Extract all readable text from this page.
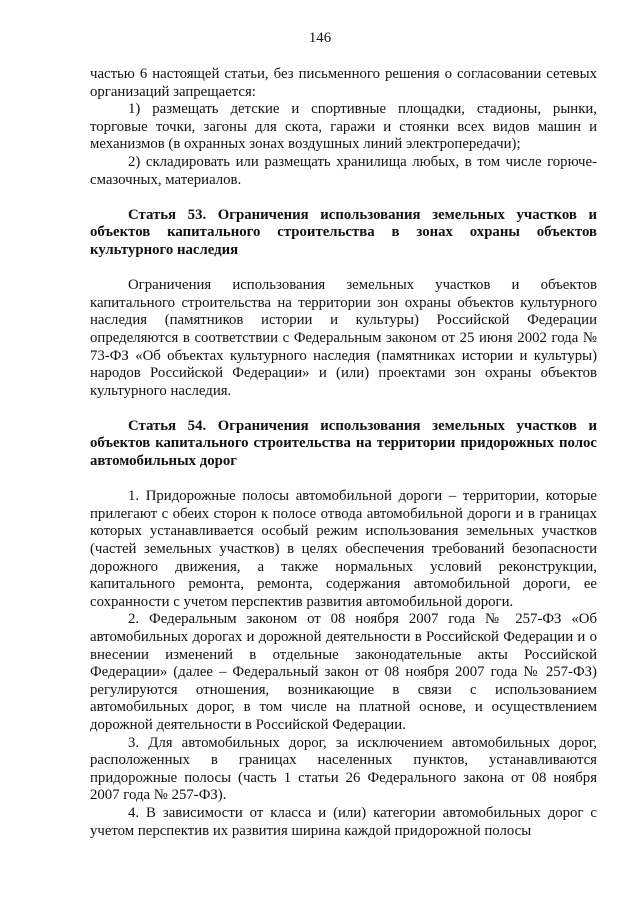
146

частью 6 настоящей статьи, без письменного решения о согласовании сетевых организаций запрещается:

1) размещать детские и спортивные площадки, стадионы, рынки, торговые точки, загоны для скота, гаражи и стоянки всех видов машин и механизмов (в охранных зонах воздушных линий электропередачи);

2) складировать или размещать хранилища любых, в том числе горюче-смазочных, материалов.

Статья 53. Ограничения использования земельных участков и объектов капитального строительства в зонах охраны объектов культурного наследия

Ограничения использования земельных участков и объектов капитального строительства на территории зон охраны объектов культурного наследия (памятников истории и культуры) Российской Федерации определяются в соответствии с Федеральным законом от 25 июня 2002 года № 73-ФЗ «Об объектах культурного наследия (памятниках истории и культуры) народов Российской Федерации» и (или) проектами зон охраны объектов культурного наследия.

Статья 54. Ограничения использования земельных участков и объектов капитального строительства на территории придорожных полос автомобильных дорог

1. Придорожные полосы автомобильной дороги – территории, которые прилегают с обеих сторон к полосе отвода автомобильной дороги и в границах которых устанавливается особый режим использования земельных участков (частей земельных участков) в целях обеспечения требований безопасности дорожного движения, а также нормальных условий реконструкции, капитального ремонта, ремонта, содержания автомобильной дороги, ее сохранности с учетом перспектив развития автомобильной дороги.

2. Федеральным законом от 08 ноября 2007 года № 257-ФЗ «Об автомобильных дорогах и дорожной деятельности в Российской Федерации и о внесении изменений в отдельные законодательные акты Российской Федерации» (далее – Федеральный закон от 08 ноября 2007 года № 257-ФЗ) регулируются отношения, возникающие в связи с использованием автомобильных дорог, в том числе на платной основе, и осуществлением дорожной деятельности в Российской Федерации.

3. Для автомобильных дорог, за исключением автомобильных дорог, расположенных в границах населенных пунктов, устанавливаются придорожные полосы (часть 1 статьи 26 Федерального закона от 08 ноября 2007 года № 257-ФЗ).

4. В зависимости от класса и (или) категории автомобильных дорог с учетом перспектив их развития ширина каждой придорожной полосы
